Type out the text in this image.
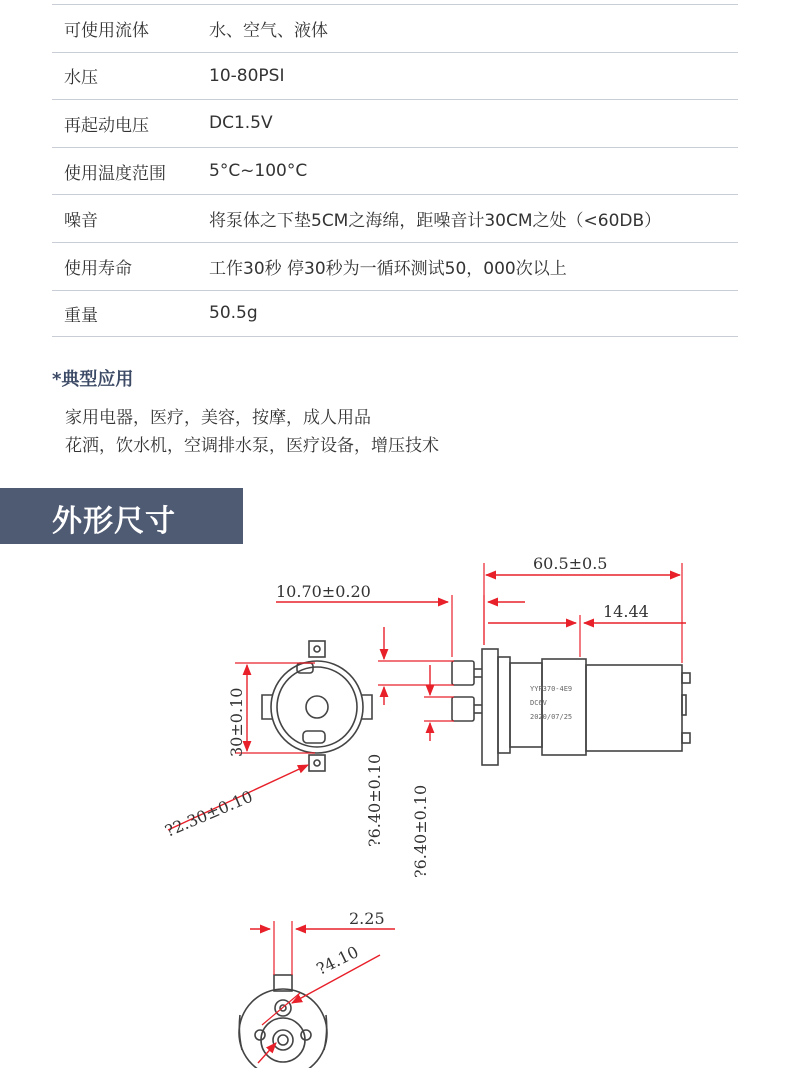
可使用流体	水、空气、液体
水压	10-80PSI
再起动电压	DC1.5V
使用温度范围	5°C~100°C
噪音	将泵体之下垫5CM之海绵，距噪音计30CM之处（<60DB）
使用寿命	工作30秒 停30秒为一循环测试50，000次以上
重量	50.5g
*典型应用
家用电器，医疗，美容，按摩，成人用品
花洒，饮水机，空调排水泵，医疗设备，增压技术
外形尺寸
30±0.10
?2.30±0.10
YYP370-4E9
DC6V
2020/07/25
60.5±0.5
10.70±0.20
14.44
?6.40±0.10 ?6.40±0.10
2.25
?4.10
